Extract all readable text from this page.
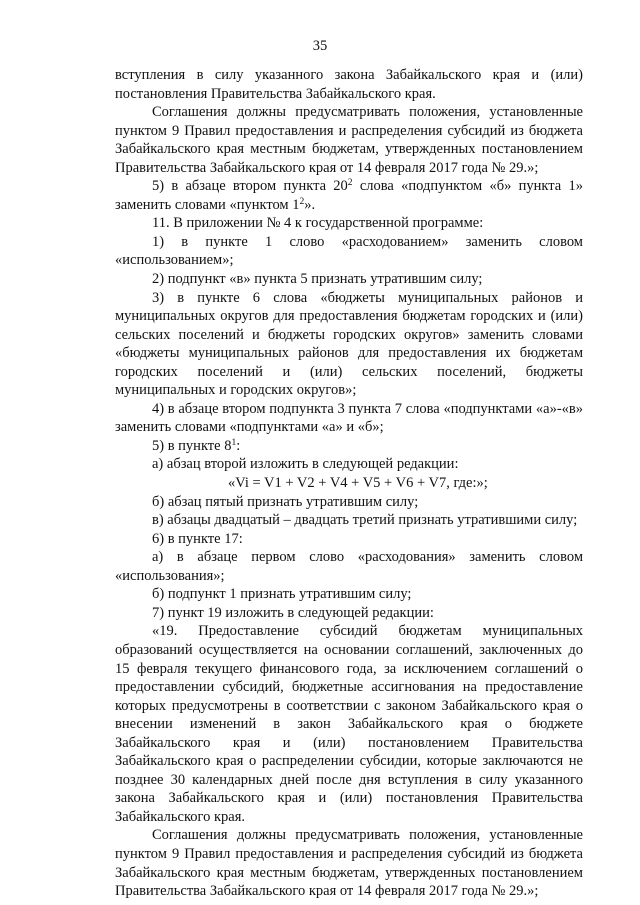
35

вступления в силу указанного закона Забайкальского края и (или) постановления Правительства Забайкальского края.

Соглашения должны предусматривать положения, установленные пунктом 9 Правил предоставления и распределения субсидий из бюджета Забайкальского края местным бюджетам, утвержденных постановлением Правительства Забайкальского края от 14 февраля 2017 года № 29.»;

5) в абзаце втором пункта $20^2$ слова «подпунктом «б» пункта 1» заменить словами «пунктом $1^2$».

11. В приложении № 4 к государственной программе:

1) в пункте 1 слово «расходованием» заменить словом «использованием»;

2) подпункт «в» пункта 5 признать утратившим силу;

3) в пункте 6 слова «бюджеты муниципальных районов и муниципальных округов для предоставления бюджетам городских и (или) сельских поселений и бюджеты городских округов» заменить словами «бюджеты муниципальных районов для предоставления их бюджетам городских поселений и (или) сельских поселений, бюджеты муниципальных и городских округов»;

4) в абзаце втором подпункта 3 пункта 7 слова «подпунктами «а»-«в» заменить словами «подпунктами «а» и «б»;

5) в пункте $8^1$:

а) абзац второй изложить в следующей редакции:

«Vi = V1 + V2 + V4 + V5 + V6 + V7, где:»;

б) абзац пятый признать утратившим силу;

в) абзацы двадцатый – двадцать третий признать утратившими силу;

6) в пункте 17:

а) в абзаце первом слово «расходования» заменить словом «использования»;

б) подпункт 1 признать утратившим силу;

7) пункт 19 изложить в следующей редакции:

«19. Предоставление субсидий бюджетам муниципальных образований осуществляется на основании соглашений, заключенных до 15 февраля текущего финансового года, за исключением соглашений о предоставлении субсидий, бюджетные ассигнования на предоставление которых предусмотрены в соответствии с законом Забайкальского края о внесении изменений в закон Забайкальского края о бюджете Забайкальского края и (или) постановлением Правительства Забайкальского края о распределении субсидии, которые заключаются не позднее 30 календарных дней после дня вступления в силу указанного закона Забайкальского края и (или) постановления Правительства Забайкальского края.

Соглашения должны предусматривать положения, установленные пунктом 9 Правил предоставления и распределения субсидий из бюджета Забайкальского края местным бюджетам, утвержденных постановлением Правительства Забайкальского края от 14 февраля 2017 года № 29.»;
